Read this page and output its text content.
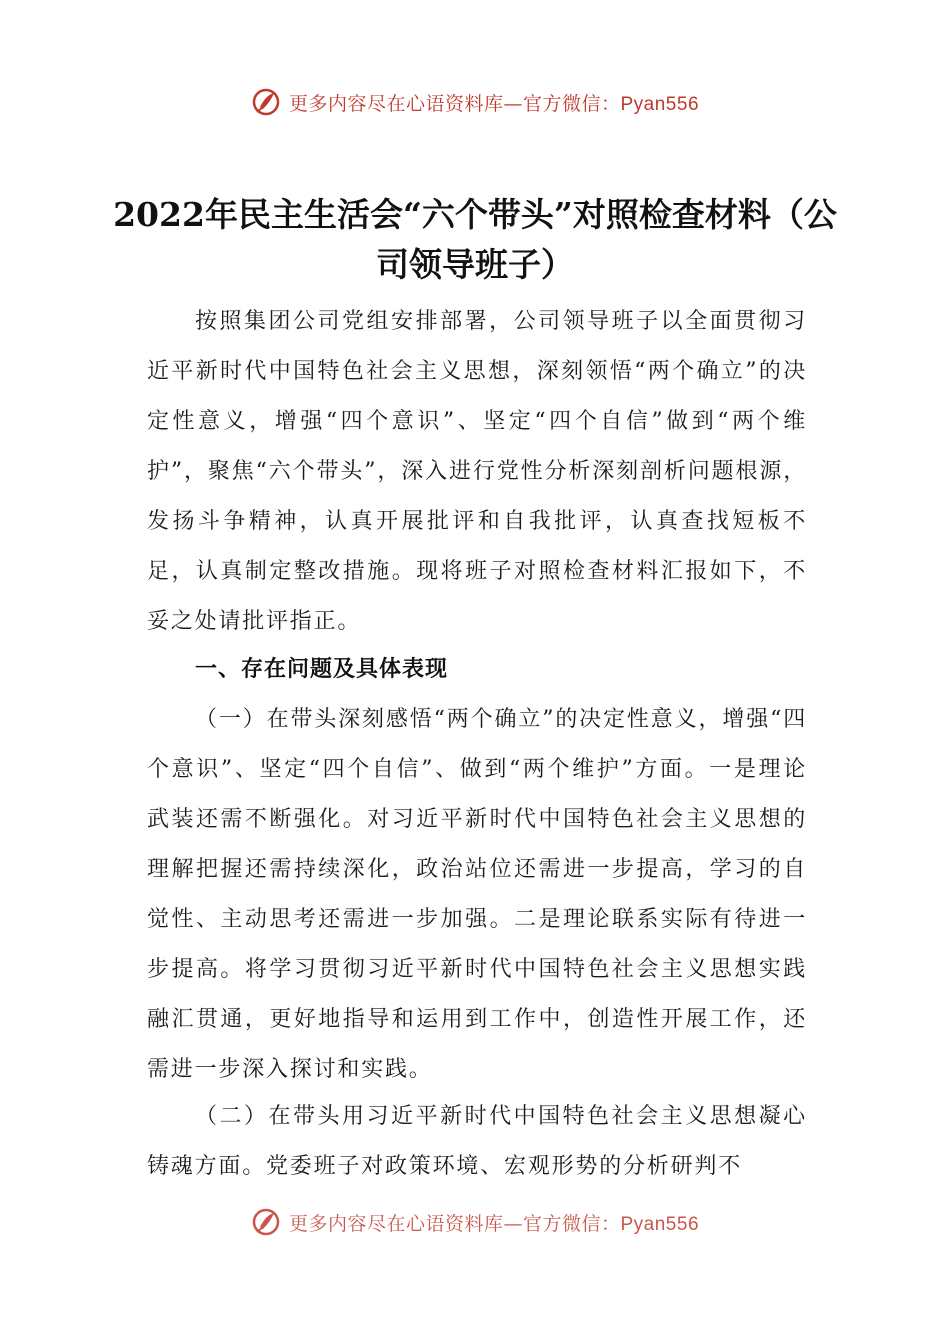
更多内容尽在心语资料库—官方微信：Pyan556
2022年民主生活会“六个带头”对照检查材料（公司领导班子）
按照集团公司党组安排部署，公司领导班子以全面贯彻习近平新时代中国特色社会主义思想，深刻领悟“两个确立”的决定性意义，增强“四个意识”、坚定“四个自信”做到“两个维护”，聚焦“六个带头”，深入进行党性分析深刻剖析问题根源，发扬斗争精神，认真开展批评和自我批评，认真查找短板不足，认真制定整改措施。现将班子对照检查材料汇报如下，不妥之处请批评指正。
一、存在问题及具体表现
（一）在带头深刻感悟“两个确立”的决定性意义，增强“四个意识”、坚定“四个自信”、做到“两个维护”方面。一是理论武装还需不断强化。对习近平新时代中国特色社会主义思想的理解把握还需持续深化，政治站位还需进一步提高，学习的自觉性、主动思考还需进一步加强。二是理论联系实际有待进一步提高。将学习贯彻习近平新时代中国特色社会主义思想实践融汇贯通，更好地指导和运用到工作中，创造性开展工作，还需进一步深入探讨和实践。
（二）在带头用习近平新时代中国特色社会主义思想凝心铸魂方面。党委班子对政策环境、宏观形势的分析研判不
更多内容尽在心语资料库—官方微信：Pyan556
